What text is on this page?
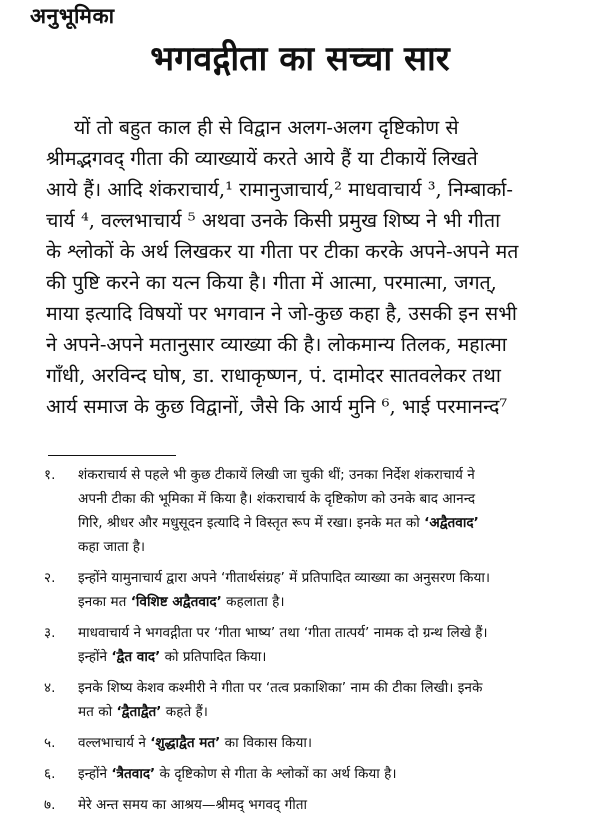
अनुभूमिका
भगवद्गीता का सच्चा सार
यों तो बहुत काल ही से विद्वान अलग-अलग दृष्टिकोण से
श्रीमद्भगवद् गीता की व्याख्यायें करते आये हैं या टीकायें लिखते
आये हैं। आदि शंकराचार्य,¹ रामानुजाचार्य,² माधवाचार्य ³, निम्बार्का-
चार्य ⁴, वल्लभाचार्य ⁵ अथवा उनके किसी प्रमुख शिष्य ने भी गीता
के श्लोकों के अर्थ लिखकर या गीता पर टीका करके अपने-अपने मत
की पुष्टि करने का यत्न किया है। गीता में आत्मा, परमात्मा, जगत्,
माया इत्यादि विषयों पर भगवान ने जो-कुछ कहा है, उसकी इन सभी
ने अपने-अपने मतानुसार व्याख्या की है। लोकमान्य तिलक, महात्मा
गाँधी, अरविन्द घोष, डा. राधाकृष्णन, पं. दामोदर सातवलेकर तथा
आर्य समाज के कुछ विद्वानों, जैसे कि आर्य मुनि ⁶, भाई परमानन्द⁷
१.	शंकराचार्य से पहले भी कुछ टीकायें लिखी जा चुकी थीं; उनका निर्देश शंकराचार्य ने
अपनी टीका की भूमिका में किया है। शंकराचार्य के दृष्टिकोण को उनके बाद आनन्द
गिरि, श्रीधर और मधुसूदन इत्यादि ने विस्तृत रूप में रखा। इनके मत को ‘अद्वैतवाद’
कहा जाता है।
२.	इन्होंने यामुनाचार्य द्वारा अपने ‘गीतार्थसंग्रह’ में प्रतिपादित व्याख्या का अनुसरण किया।
इनका मत ‘विशिष्ट अद्वैतवाद’ कहलाता है।
३.	माधवाचार्य ने भगवद्गीता पर ‘गीता भाष्य’ तथा ‘गीता तात्पर्य’ नामक दो ग्रन्थ लिखे हैं।
इन्होंने ‘द्वैत वाद’ को प्रतिपादित किया।
४.	इनके शिष्य केशव कश्मीरी ने गीता पर ‘तत्व प्रकाशिका’ नाम की टीका लिखी। इनके
मत को ‘द्वैताद्वैत’ कहते हैं।
५.	वल्लभाचार्य ने ‘शुद्धाद्वैत मत’ का विकास किया।
६.	इन्होंने ‘त्रैतवाद’ के दृष्टिकोण से गीता के श्लोकों का अर्थ किया है।
७.	मेरे अन्त समय का आश्रय—श्रीमद् भगवद् गीता
